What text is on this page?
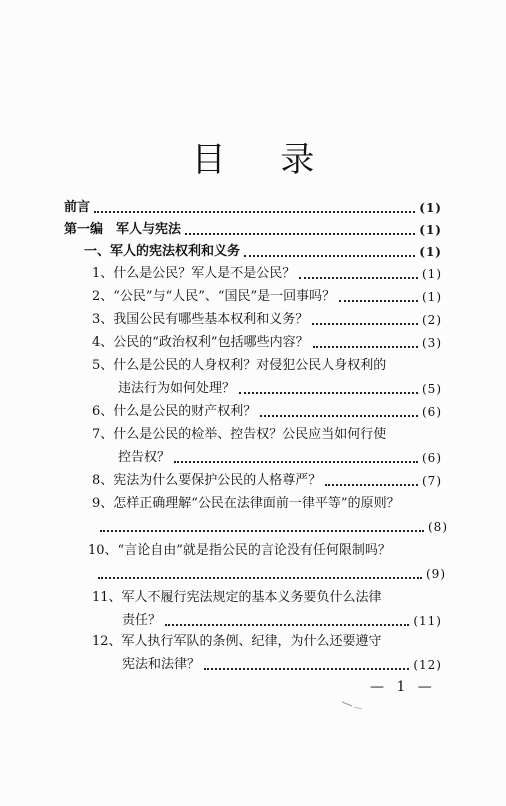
目 录
前言	(1)
第一编　军人与宪法	(1)
一、军人的宪法权利和义务	(1)
1、什么是公民？军人是不是公民？	(1)
2、“公民”与“人民”、“国民”是一回事吗？	(1)
3、我国公民有哪些基本权利和义务？	(2)
4、公民的“政治权利”包括哪些内容？	(3)
5、什么是公民的人身权利？对侵犯公民人身权利的
违法行为如何处理？	(5)
6、什么是公民的财产权利？	(6)
7、什么是公民的检举、控告权？公民应当如何行使
控告权？	(6)
8、宪法为什么要保护公民的人格尊严？	(7)
9、怎样正确理解“公民在法律面前一律平等”的原则？
(8)
10、“言论自由”就是指公民的言论没有任何限制吗？
(9)
11、军人不履行宪法规定的基本义务要负什么法律
责任？	(11)
12、军人执行军队的条例、纪律，为什么还要遵守
宪法和法律？	(12)
— 1 —
